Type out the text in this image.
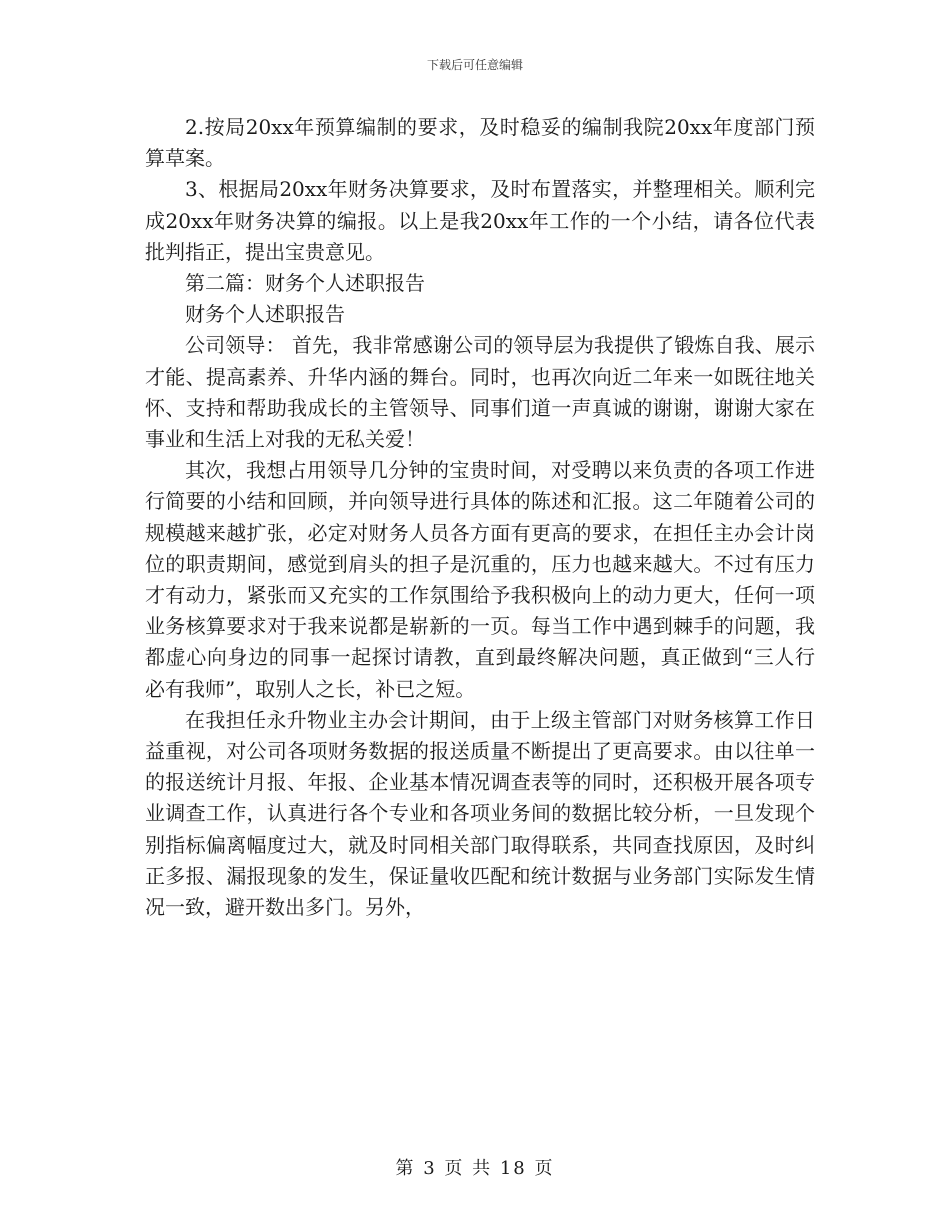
下载后可任意编辑

2.按局20xx年预算编制的要求，及时稳妥的编制我院20xx年度部门预算草案。

3、根据局20xx年财务决算要求，及时布置落实，并整理相关。顺利完成20xx年财务决算的编报。以上是我20xx年工作的一个小结，请各位代表批判指正，提出宝贵意见。

第二篇：财务个人述职报告

财务个人述职报告

公司领导： 首先，我非常感谢公司的领导层为我提供了锻炼自我、展示才能、提高素养、升华内涵的舞台。同时，也再次向近二年来一如既往地关怀、支持和帮助我成长的主管领导、同事们道一声真诚的谢谢，谢谢大家在事业和生活上对我的无私关爱！

其次，我想占用领导几分钟的宝贵时间，对受聘以来负责的各项工作进行简要的小结和回顾，并向领导进行具体的陈述和汇报。这二年随着公司的规模越来越扩张，必定对财务人员各方面有更高的要求，在担任主办会计岗位的职责期间，感觉到肩头的担子是沉重的，压力也越来越大。不过有压力才有动力，紧张而又充实的工作氛围给予我积极向上的动力更大，任何一项业务核算要求对于我来说都是崭新的一页。每当工作中遇到棘手的问题，我都虚心向身边的同事一起探讨请教，直到最终解决问题，真正做到“三人行必有我师”，取别人之长，补已之短。

在我担任永升物业主办会计期间，由于上级主管部门对财务核算工作日益重视，对公司各项财务数据的报送质量不断提出了更高要求。由以往单一的报送统计月报、年报、企业基本情况调查表等的同时，还积极开展各项专业调查工作，认真进行各个专业和各项业务间的数据比较分析，一旦发现个别指标偏离幅度过大，就及时同相关部门取得联系，共同查找原因，及时纠正多报、漏报现象的发生，保证量收匹配和统计数据与业务部门实际发生情况一致，避开数出多门。另外，

第 3 页 共 18 页
